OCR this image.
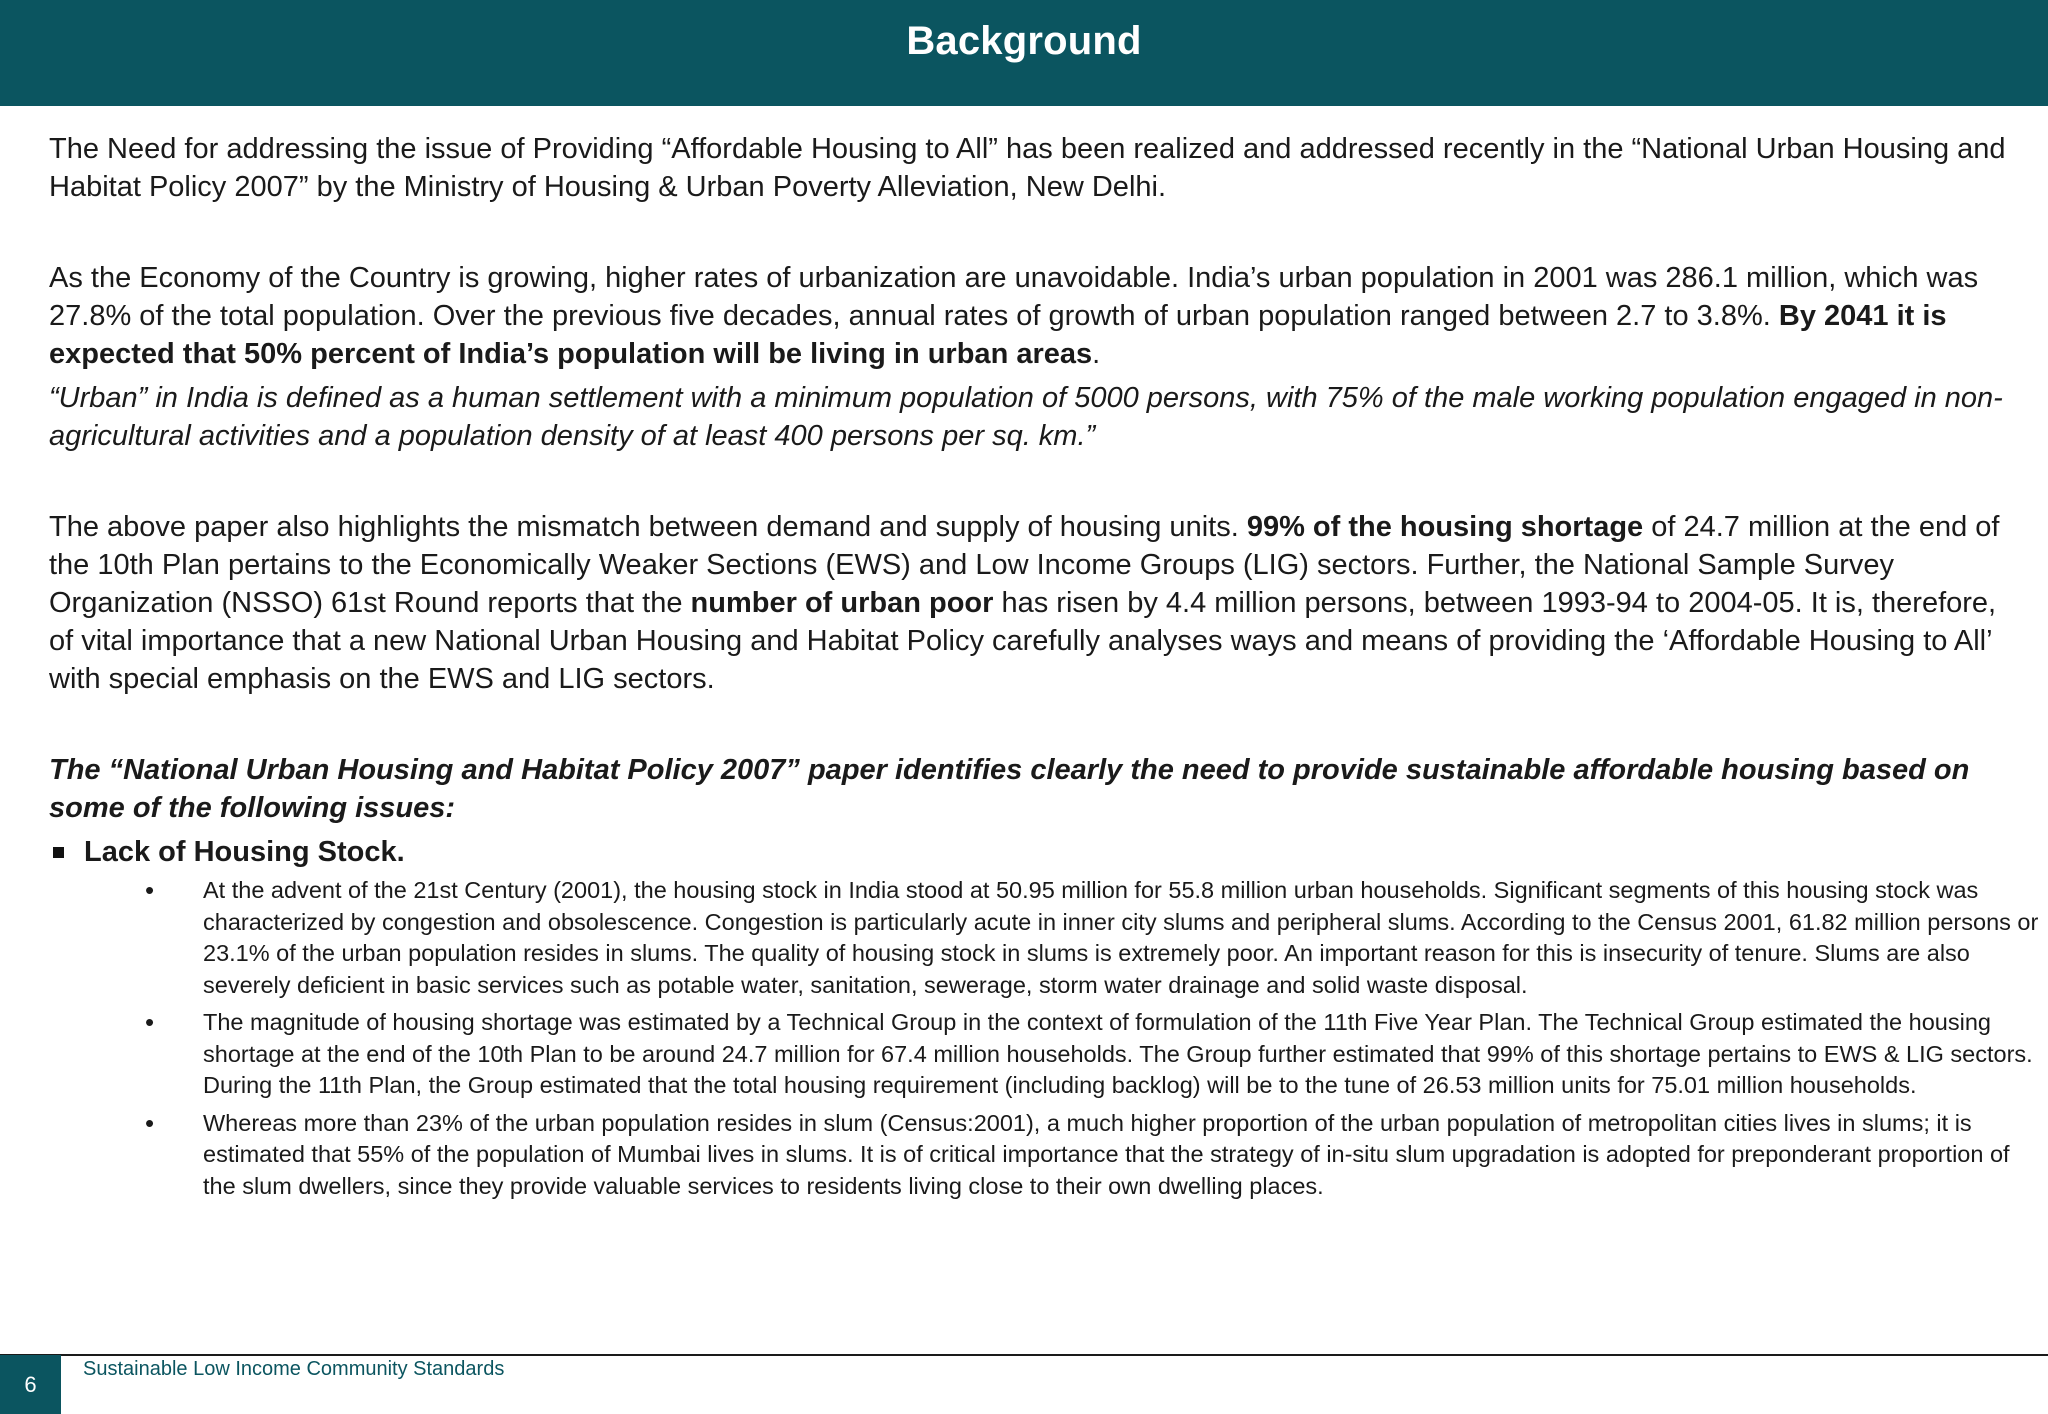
Background

The Need for addressing the issue of Providing “Affordable Housing to All” has been realized and addressed recently in the “National Urban Housing and Habitat Policy 2007” by the Ministry of Housing & Urban Poverty Alleviation, New Delhi.

As the Economy of the Country is growing, higher rates of urbanization are unavoidable. India’s urban population in 2001 was 286.1 million, which was 27.8% of the total population. Over the previous five decades, annual rates of growth of urban population ranged between 2.7 to 3.8%. By 2041 it is expected that 50% percent of India’s population will be living in urban areas.

“Urban” in India is defined as a human settlement with a minimum population of 5000 persons, with 75% of the male working population engaged in non-agricultural activities and a population density of at least 400 persons per sq. km.”

The above paper also highlights the mismatch between demand and supply of housing units. 99% of the housing shortage of 24.7 million at the end of the 10th Plan pertains to the Economically Weaker Sections (EWS) and Low Income Groups (LIG) sectors. Further, the National Sample Survey Organization (NSSO) 61st Round reports that the number of urban poor has risen by 4.4 million persons, between 1993-94 to 2004-05. It is, therefore, of vital importance that a new National Urban Housing and Habitat Policy carefully analyses ways and means of providing the ‘Affordable Housing to All’ with special emphasis on the EWS and LIG sectors.

The “National Urban Housing and Habitat Policy 2007” paper identifies clearly the need to provide sustainable affordable housing based on some of the following issues:

Lack of Housing Stock.
• At the advent of the 21st Century (2001), the housing stock in India stood at 50.95 million for 55.8 million urban households. Significant segments of this housing stock was characterized by congestion and obsolescence. Congestion is particularly acute in inner city slums and peripheral slums. According to the Census 2001, 61.82 million persons or 23.1% of the urban population resides in slums. The quality of housing stock in slums is extremely poor. An important reason for this is insecurity of tenure. Slums are also severely deficient in basic services such as potable water, sanitation, sewerage, storm water drainage and solid waste disposal.
• The magnitude of housing shortage was estimated by a Technical Group in the context of formulation of the 11th Five Year Plan. The Technical Group estimated the housing shortage at the end of the 10th Plan to be around 24.7 million for 67.4 million households. The Group further estimated that 99% of this shortage pertains to EWS & LIG sectors. During the 11th Plan, the Group estimated that the total housing requirement (including backlog) will be to the tune of 26.53 million units for 75.01 million households.
• Whereas more than 23% of the urban population resides in slum (Census:2001), a much higher proportion of the urban population of metropolitan cities lives in slums; it is estimated that 55% of the population of Mumbai lives in slums. It is of critical importance that the strategy of in-situ slum upgradation is adopted for preponderant proportion of the slum dwellers, since they provide valuable services to residents living close to their own dwelling places.
6
Sustainable Low Income Community Standards
